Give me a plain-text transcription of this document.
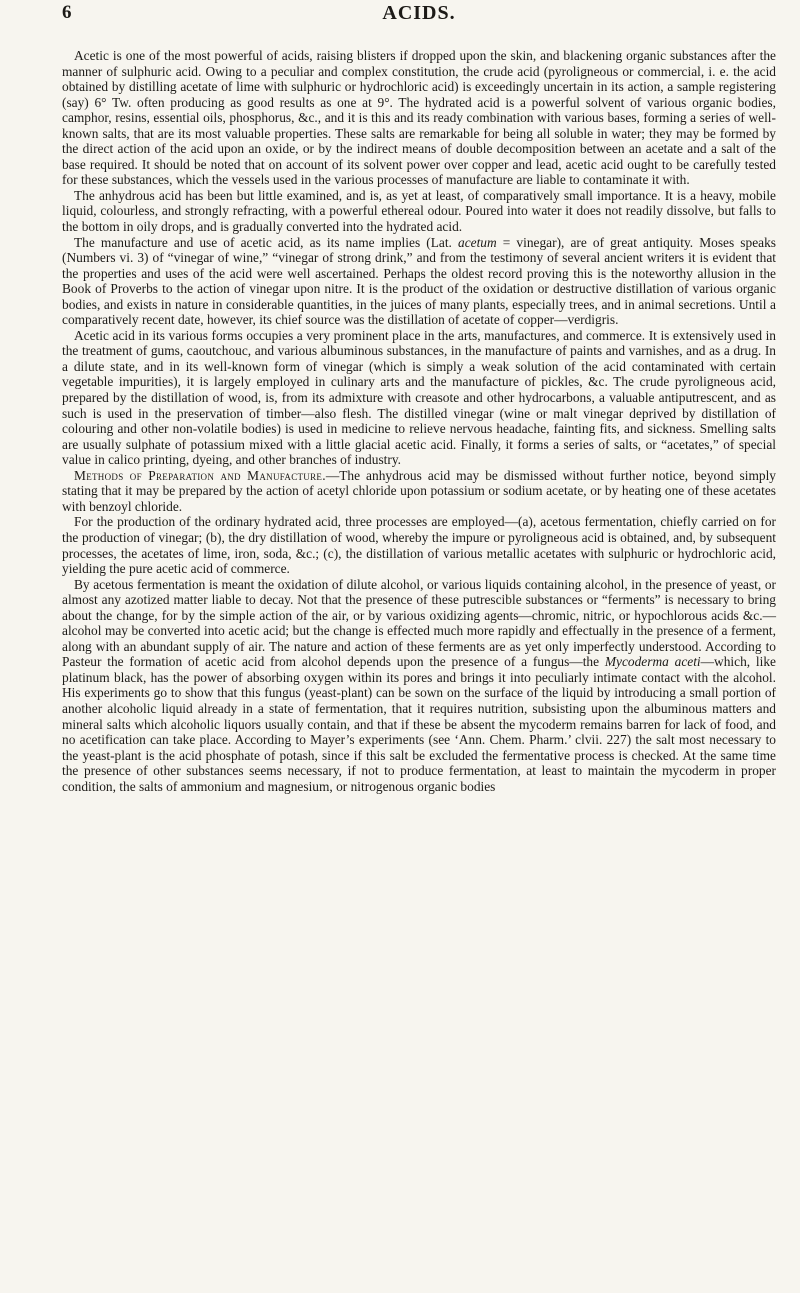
6	ACIDS.

Acetic is one of the most powerful of acids, raising blisters if dropped upon the skin, and blackening organic substances after the manner of sulphuric acid. Owing to a peculiar and complex constitution, the crude acid (pyroligneous or commercial, i. e. the acid obtained by distilling acetate of lime with sulphuric or hydrochloric acid) is exceedingly uncertain in its action, a sample registering (say) 6° Tw. often producing as good results as one at 9°. The hydrated acid is a powerful solvent of various organic bodies, camphor, resins, essential oils, phosphorus, &c., and it is this and its ready combination with various bases, forming a series of well-known salts, that are its most valuable properties. These salts are remarkable for being all soluble in water; they may be formed by the direct action of the acid upon an oxide, or by the indirect means of double decomposition between an acetate and a salt of the base required. It should be noted that on account of its solvent power over copper and lead, acetic acid ought to be carefully tested for these substances, which the vessels used in the various processes of manufacture are liable to contaminate it with.

The anhydrous acid has been but little examined, and is, as yet at least, of comparatively small importance. It is a heavy, mobile liquid, colourless, and strongly refracting, with a powerful ethereal odour. Poured into water it does not readily dissolve, but falls to the bottom in oily drops, and is gradually converted into the hydrated acid.

The manufacture and use of acetic acid, as its name implies (Lat. acetum = vinegar), are of great antiquity. Moses speaks (Numbers vi. 3) of “vinegar of wine,” “vinegar of strong drink,” and from the testimony of several ancient writers it is evident that the properties and uses of the acid were well ascertained. Perhaps the oldest record proving this is the noteworthy allusion in the Book of Proverbs to the action of vinegar upon nitre. It is the product of the oxidation or destructive distillation of various organic bodies, and exists in nature in considerable quantities, in the juices of many plants, especially trees, and in animal secretions. Until a comparatively recent date, however, its chief source was the distillation of acetate of copper—verdigris.

Acetic acid in its various forms occupies a very prominent place in the arts, manufactures, and commerce. It is extensively used in the treatment of gums, caoutchouc, and various albuminous substances, in the manufacture of paints and varnishes, and as a drug. In a dilute state, and in its well-known form of vinegar (which is simply a weak solution of the acid contaminated with certain vegetable impurities), it is largely employed in culinary arts and the manufacture of pickles, &c. The crude pyroligneous acid, prepared by the distillation of wood, is, from its admixture with creasote and other hydrocarbons, a valuable antiputrescent, and as such is used in the preservation of timber—also flesh. The distilled vinegar (wine or malt vinegar deprived by distillation of colouring and other non-volatile bodies) is used in medicine to relieve nervous headache, fainting fits, and sickness. Smelling salts are usually sulphate of potassium mixed with a little glacial acetic acid. Finally, it forms a series of salts, or “acetates,” of special value in calico printing, dyeing, and other branches of industry.

Methods of Preparation and Manufacture.—The anhydrous acid may be dismissed without further notice, beyond simply stating that it may be prepared by the action of acetyl chloride upon potassium or sodium acetate, or by heating one of these acetates with benzoyl chloride.

For the production of the ordinary hydrated acid, three processes are employed—(a), acetous fermentation, chiefly carried on for the production of vinegar; (b), the dry distillation of wood, whereby the impure or pyroligneous acid is obtained, and, by subsequent processes, the acetates of lime, iron, soda, &c.; (c), the distillation of various metallic acetates with sulphuric or hydrochloric acid, yielding the pure acetic acid of commerce.

By acetous fermentation is meant the oxidation of dilute alcohol, or various liquids containing alcohol, in the presence of yeast, or almost any azotized matter liable to decay. Not that the presence of these putrescible substances or “ferments” is necessary to bring about the change, for by the simple action of the air, or by various oxidizing agents—chromic, nitric, or hypochlorous acids &c.—alcohol may be converted into acetic acid; but the change is effected much more rapidly and effectually in the presence of a ferment, along with an abundant supply of air. The nature and action of these ferments are as yet only imperfectly understood. According to Pasteur the formation of acetic acid from alcohol depends upon the presence of a fungus—the Mycoderma aceti—which, like platinum black, has the power of absorbing oxygen within its pores and brings it into peculiarly intimate contact with the alcohol. His experiments go to show that this fungus (yeast-plant) can be sown on the surface of the liquid by introducing a small portion of another alcoholic liquid already in a state of fermentation, that it requires nutrition, subsisting upon the albuminous matters and mineral salts which alcoholic liquors usually contain, and that if these be absent the mycoderm remains barren for lack of food, and no acetification can take place. According to Mayer’s experiments (see ‘Ann. Chem. Pharm.’ clvii. 227) the salt most necessary to the yeast-plant is the acid phosphate of potash, since if this salt be excluded the fermentative process is checked. At the same time the presence of other substances seems necessary, if not to produce fermentation, at least to maintain the mycoderm in proper condition, the salts of ammonium and magnesium, or nitrogenous organic bodies
